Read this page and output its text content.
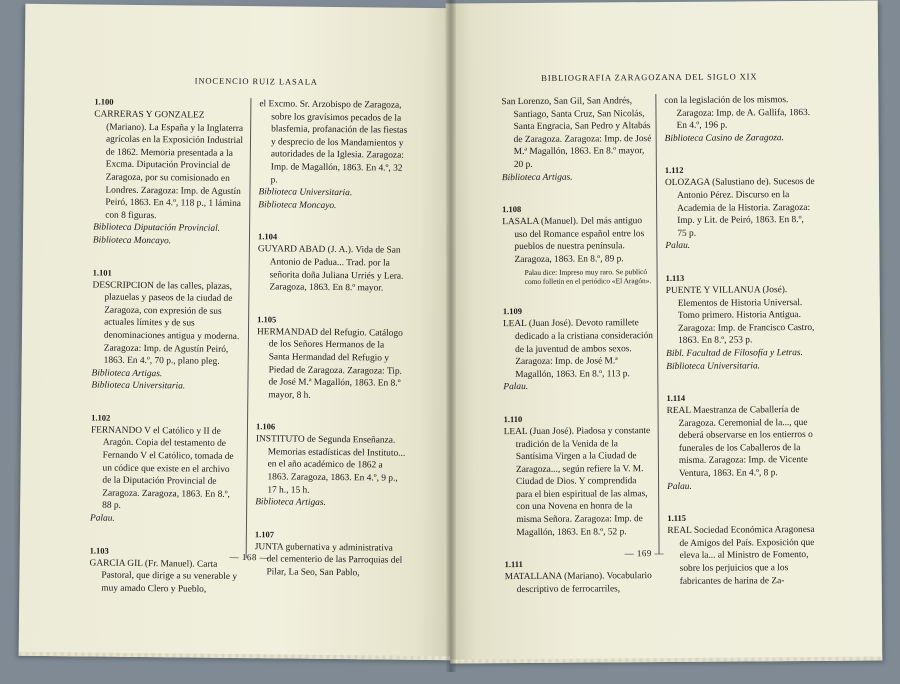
INOCENCIO RUIZ LASALA
1.100
CARRERAS Y GONZALEZ (Mariano). La España y la Inglaterra agrícolas en la Exposición Industrial de 1862. Memoria presentada a la Excma. Diputación Provincial de Zaragoza, por su comisionado en Londres. Zaragoza: Imp. de Agustín Peiró, 1863. En 4.º, 118 p., 1 lámina con 8 figuras.
Biblioteca Diputación Provincial.
Biblioteca Moncayo.
1.101
DESCRIPCION de las calles, plazas, plazuelas y paseos de la ciudad de Zaragoza, con expresión de sus actuales límites y de sus denominaciones antigua y moderna. Zaragoza: Imp. de Agustín Peiró, 1863. En 4.º, 70 p., plano pleg.
Biblioteca Artigas.
Biblioteca Universitaria.
1.102
FERNANDO V el Católico y II de Aragón. Copia del testamento de Fernando V el Católico, tomada de un códice que existe en el archivo de la Diputación Provincial de Zaragoza. Zaragoza, 1863. En 8.º, 88 p.
Palau.
1.103
GARCIA GIL (Fr. Manuel). Carta Pastoral, que dirige a su venerable y muy amado Clero y Pueblo,
el Excmo. Sr. Arzobispo de Zaragoza, sobre los gravísimos pecados de la blasfemia, profanación de las fiestas y desprecio de los Mandamientos y autoridades de la Iglesia. Zaragoza: Imp. de Magallón, 1863. En 4.º, 32 p.
Biblioteca Universitaria.
Biblioteca Moncayo.
1.104
GUYARD ABAD (J. A.). Vida de San Antonio de Padua... Trad. por la señorita doña Juliana Urriés y Lera. Zaragoza, 1863. En 8.º mayor.
1.105
HERMANDAD del Refugio. Catálogo de los Señores Hermanos de la Santa Hermandad del Refugio y Piedad de Zaragoza. Zaragoza: Tip. de José M.ª Magallón, 1863. En 8.º mayor, 8 h.
1.106
INSTITUTO de Segunda Enseñanza. Memorias estadísticas del Instituto... en el año académico de 1862 a 1863. Zaragoza, 1863. En 4.º, 9 p., 17 h., 15 h.
Biblioteca Artigas.
1.107
JUNTA gubernativa y administrativa del cementerio de las Parroquias del Pilar, La Seo, San Pablo,
— 168 —
BIBLIOGRAFIA ZARAGOZANA DEL SIGLO XIX
San Lorenzo, San Gil, San Andrés, Santiago, Santa Cruz, San Nicolás, Santa Engracia, San Pedro y Altabás de Zaragoza. Zaragoza: Imp. de José M.ª Magallón, 1863. En 8.º mayor, 20 p.
Biblioteca Artigas.
1.108
LASALA (Manuel). Del más antiguo uso del Romance español entre los pueblos de nuestra península. Zaragoza, 1863. En 8.º, 89 p.
Palau dice: Impreso muy raro. Se publicó como folletín en el periódico «El Aragón».
1.109
LEAL (Juan José). Devoto ramillete dedicado a la cristiana consideración de la juventud de ambos sexos. Zaragoza: Imp. de José M.ª Magallón, 1863. En 8.º, 113 p.
Palau.
1.110
LEAL (Juan José). Piadosa y constante tradición de la Venida de la Santísima Virgen a la Ciudad de Zaragoza..., según refiere la V. M. Ciudad de Dios. Y comprendida para el bien espiritual de las almas, con una Novena en honra de la misma Señora. Zaragoza: Imp. de Magallón, 1863. En 8.º, 52 p.
1.111
MATALLANA (Mariano). Vocabulario descriptivo de ferrocarriles,
con la legislación de los mismos. Zaragoza: Imp. de A. Gallifa, 1863. En 4.º, 196 p.
Biblioteca Casino de Zaragoza.
1.112
OLOZAGA (Salustiano de). Sucesos de Antonio Pérez. Discurso en la Academia de la Historia. Zaragoza: Imp. y Lit. de Peiró, 1863. En 8.º, 75 p.
Palau.
1.113
PUENTE Y VILLANUA (José). Elementos de Historia Universal. Tomo primero. Historia Antigua. Zaragoza: Imp. de Francisco Castro, 1863. En 8.º, 253 p.
Bibl. Facultad de Filosofía y Letras.
Biblioteca Universitaria.
1.114
REAL Maestranza de Caballería de Zaragoza. Ceremonial de la..., que deberá observarse en los entierros o funerales de los Caballeros de la misma. Zaragoza: Imp. de Vicente Ventura, 1863. En 4.º, 8 p.
Palau.
1.115
REAL Sociedad Económica Aragonesa de Amigos del País. Exposición que eleva la... al Ministro de Fomento, sobre los perjuicios que a los fabricantes de harina de Za-
— 169 —
